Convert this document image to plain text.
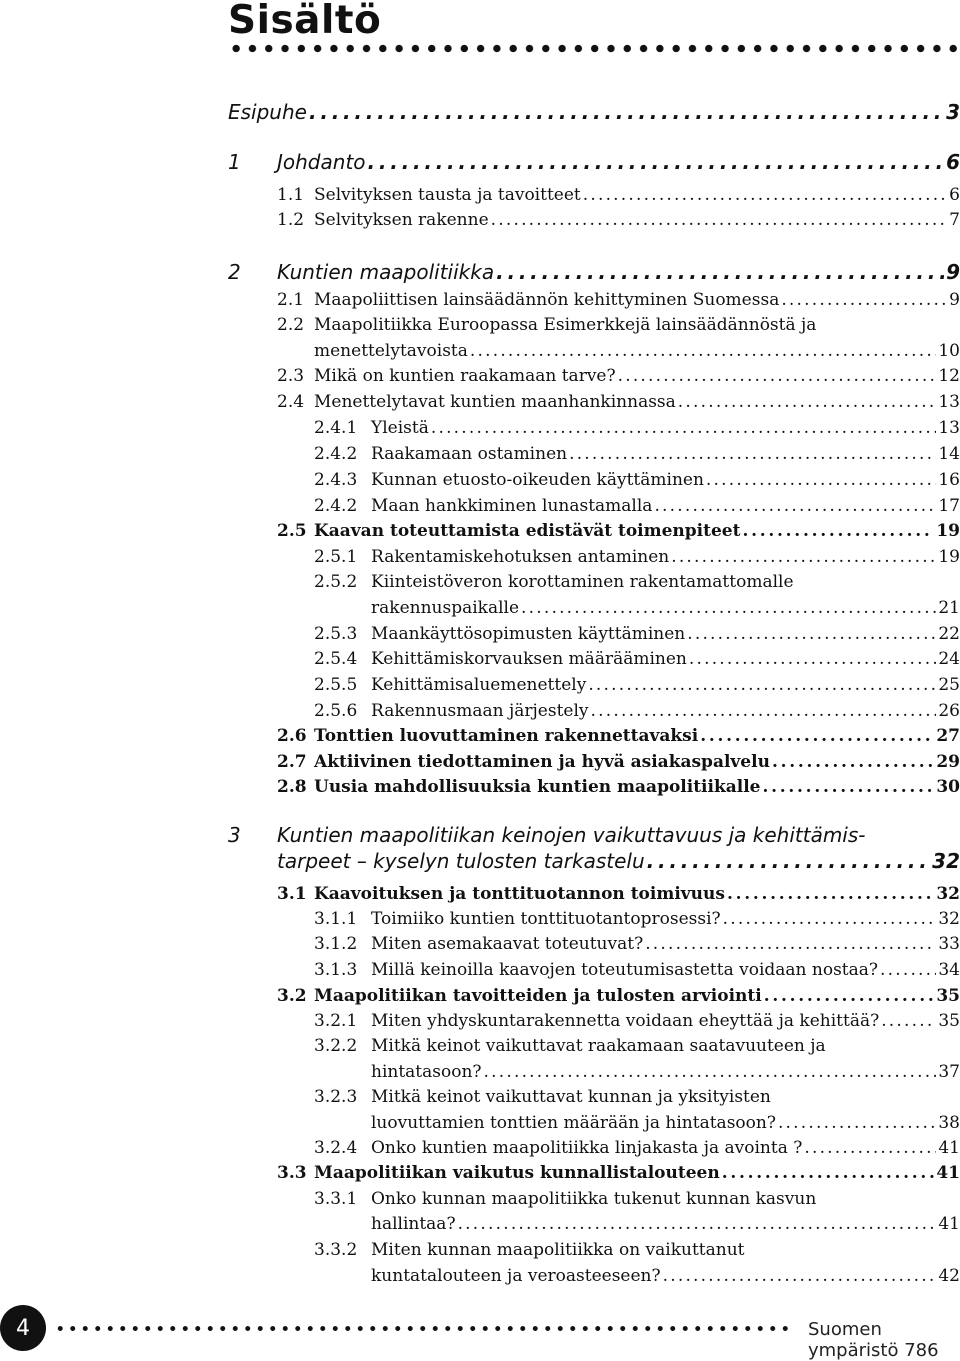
Sisältö
Esipuhe . . .	3
1 Johdanto . . .	6
1.1 Selvityksen tausta ja tavoitteet . . .	6
1.2 Selvityksen rakenne . . .	7
2 Kuntien maapolitiikka . . .	9
2.1 Maapoliittisen lainsäädännön kehittyminen Suomessa . . .	9
2.2 Maapolitiikka Euroopassa Esimerkkejä lainsäädännöstä ja
menettelytavoista . . .	10
2.3 Mikä on kuntien raakamaan tarve? . . .	12
2.4 Menettelytavat kuntien maanhankinnassa . . .	13
2.4.1 Yleistä . . .	13
2.4.2 Raakamaan ostaminen . . .	14
2.4.3 Kunnan etuosto-oikeuden käyttäminen . . .	16
2.4.2 Maan hankkiminen lunastamalla . . .	17
2.5 Kaavan toteuttamista edistävät toimenpiteet . . .	19
2.5.1 Rakentamiskehotuksen antaminen . . .	19
2.5.2 Kiinteistöveron korottaminen rakentamattomalle
rakennuspaikalle . . .	21
2.5.3 Maankäyttösopimusten käyttäminen . . .	22
2.5.4 Kehittämiskorvauksen määrääminen . . .	24
2.5.5 Kehittämisaluemenettely . . .	25
2.5.6 Rakennusmaan järjestely . . .	26
2.6 Tonttien luovuttaminen rakennettavaksi . . .	27
2.7 Aktiivinen tiedottaminen ja hyvä asiakaspalvelu . . .	29
2.8 Uusia mahdollisuuksia kuntien maapolitiikalle . . .	30
3 Kuntien maapolitiikan keinojen vaikuttavuus ja kehittämis-
tarpeet – kyselyn tulosten tarkastelu . . .	32
3.1 Kaavoituksen ja tonttituotannon toimivuus . . .	32
3.1.1 Toimiiko kuntien tonttituotantoprosessi? . . .	32
3.1.2 Miten asemakaavat toteutuvat? . . .	33
3.1.3 Millä keinoilla kaavojen toteutumisastetta voidaan nostaa? . . .	34
3.2 Maapolitiikan tavoitteiden ja tulosten arviointi . . .	35
3.2.1 Miten yhdyskuntarakennetta voidaan eheyttää ja kehittää? . . .	35
3.2.2 Mitkä keinot vaikuttavat raakamaan saatavuuteen ja
hintatasoon? . . .	37
3.2.3 Mitkä keinot vaikuttavat kunnan ja yksityisten
luovuttamien tonttien määrään ja hintatasoon? . . .	38
3.2.4 Onko kuntien maapolitiikka linjakasta ja avointa ? . . .	41
3.3 Maapolitiikan vaikutus kunnallistalouteen . . .	41
3.3.1 Onko kunnan maapolitiikka tukenut kunnan kasvun
hallintaa? . . .	41
3.3.2 Miten kunnan maapolitiikka on vaikuttanut
kuntatalouteen ja veroasteeseen? . . .	42
4	Suomen ympäristö 786
